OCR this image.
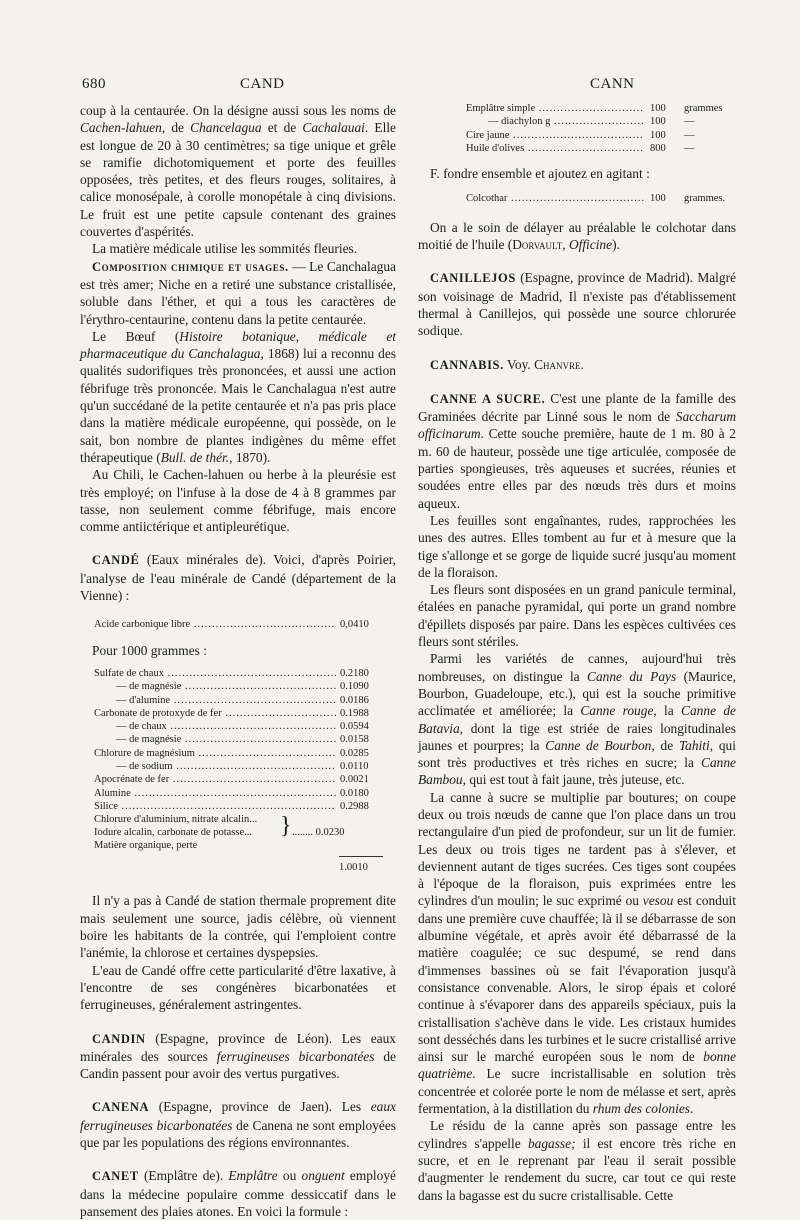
680	CAND	CANN

coup à la centaurée. On la désigne aussi sous les noms de Cachen-lahuen, de Chancelagua et de Cachalauai. Elle est longue de 20 à 30 centimètres; sa tige unique et grêle se ramifie dichotomiquement et porte des feuilles opposées, très petites, et des fleurs rouges, solitaires, à calice monosépale, à corolle monopétale à cinq divisions. Le fruit est une petite capsule contenant des graines couvertes d'aspérités.

La matière médicale utilise les sommités fleuries.

Composition chimique et usages. — Le Canchalagua est très amer; Niche en a retiré une substance cristallisée, soluble dans l'éther, et qui a tous les caractères de l'érythro-centaurine, contenu dans la petite centaurée.

Le Bœuf (Histoire botanique, médicale et pharmaceutique du Canchalagua, 1868) lui a reconnu des qualités sudorifiques très prononcées, et aussi une action fébrifuge très prononcée. Mais le Canchalagua n'est autre qu'un succédané de la petite centaurée et n'a pas pris place dans la matière médicale européenne, qui possède, on le sait, bon nombre de plantes indigènes du même effet thérapeutique (Bull. de thér., 1870).

Au Chili, le Cachen-lahuen ou herbe à la pleurésie est très employé; on l'infuse à la dose de 4 à 8 grammes par tasse, non seulement comme fébrifuge, mais encore comme antiictérique et antipleurétique.

CANDÉ (Eaux minérales de). Voici, d'après Poirier, l'analyse de l'eau minérale de Candé (département de la Vienne) :

Acide carbonique libre .....	0,0410
Pour 1000 grammes :
Sulfate de chaux .....	0.2180
— de magnésie .....	0.1090
— d'alumine .....	0.0186
Carbonate de protoxyde de fer .....	0.1988
— de chaux .....	0.0594
— de magnésie .....	0.0158
Chlorure de magnésium .....	0.0285
— de sodium .....	0.0110
Apocrénate de fer .....	0.0021
Alumine .....	0.0180
Silice .....	0.2988
Chlorure d'aluminium, nitrate alcalin...
Iodure alcalin, carbonate de potasse...
Matière organique, perte
} ........ 0.0230
1.0010

Il n'y a pas à Candé de station thermale proprement dite mais seulement une source, jadis célèbre, où viennent boire les habitants de la contrée, qui l'emploient contre l'anémie, la chlorose et certaines dyspepsies.

L'eau de Candé offre cette particularité d'être laxative, à l'encontre de ses congénères bicarbonatées et ferrugineuses, généralement astringentes.

CANDIN (Espagne, province de Léon). Les eaux minérales des sources ferrugineuses bicarbonatées de Candin passent pour avoir des vertus purgatives.

CANENA (Espagne, province de Jaen). Les eaux ferrugineuses bicarbonatées de Canena ne sont employées que par les populations des régions environnantes.

CANET (Emplâtre de). Emplâtre ou onguent employé dans la médecine populaire comme dessiccatif dans le pansement des plaies atones. En voici la formule :

Emplâtre simple .....	100	grammes
— diachylon g .....	100	—
Cire jaune .....	100	—
Huile d'olives .....	800	—
F. fondre ensemble et ajoutez en agitant :
Colcothar .....	100	grammes.

On a le soin de délayer au préalable le colchotar dans moitié de l'huile (Dorvault, Officine).

CANILLEJOS (Espagne, province de Madrid). Malgré son voisinage de Madrid, Il n'existe pas d'établissement thermal à Canillejos, qui possède une source chlorurée sodique.

CANNABIS. Voy. Chanvre.

CANNE A SUCRE. C'est une plante de la famille des Graminées décrite par Linné sous le nom de Saccharum officinarum. Cette souche première, haute de 1 m. 80 à 2 m. 60 de hauteur, possède une tige articulée, composée de parties spongieuses, très aqueuses et sucrées, réunies et soudées entre elles par des nœuds très durs et moins aqueux.

Les feuilles sont engaînantes, rudes, rapprochées les unes des autres. Elles tombent au fur et à mesure que la tige s'allonge et se gorge de liquide sucré jusqu'au moment de la floraison.

Les fleurs sont disposées en un grand panicule terminal, étalées en panache pyramidal, qui porte un grand nombre d'épillets disposés par paire. Dans les espèces cultivées ces fleurs sont stériles.

Parmi les variétés de cannes, aujourd'hui très nombreuses, on distingue la Canne du Pays (Maurice, Bourbon, Guadeloupe, etc.), qui est la souche primitive acclimatée et améliorée; la Canne rouge, la Canne de Batavia, dont la tige est striée de raies longitudinales jaunes et pourpres; la Canne de Bourbon, de Tahiti, qui sont très productives et très riches en sucre; la Canne Bambou, qui est tout à fait jaune, très juteuse, etc.

La canne à sucre se multiplie par boutures; on coupe deux ou trois nœuds de canne que l'on place dans un trou rectangulaire d'un pied de profondeur, sur un lit de fumier. Les deux ou trois tiges ne tardent pas à s'élever, et deviennent autant de tiges sucrées. Ces tiges sont coupées à l'époque de la floraison, puis exprimées entre les cylindres d'un moulin; le suc exprimé ou vesou est conduit dans une première cuve chauffée; là il se débarrasse de son albumine végétale, et après avoir été débarrassé de la matière coagulée; ce suc despumé, se rend dans d'immenses bassines où se fait l'évaporation jusqu'à consistance convenable. Alors, le sirop épais et coloré continue à s'évaporer dans des appareils spéciaux, puis la cristallisation s'achève dans le vide. Les cristaux humides sont desséchés dans les turbines et le sucre cristallisé arrive ainsi sur le marché européen sous le nom de bonne quatrième. Le sucre incristallisable en solution très concentrée et colorée porte le nom de mélasse et sert, après fermentation, à la distillation du rhum des colonies.

Le résidu de la canne après son passage entre les cylindres s'appelle bagasse; il est encore très riche en sucre, et en le reprenant par l'eau il serait possible d'augmenter le rendement du sucre, car tout ce qui reste dans la bagasse est du sucre cristallisable. Cette
